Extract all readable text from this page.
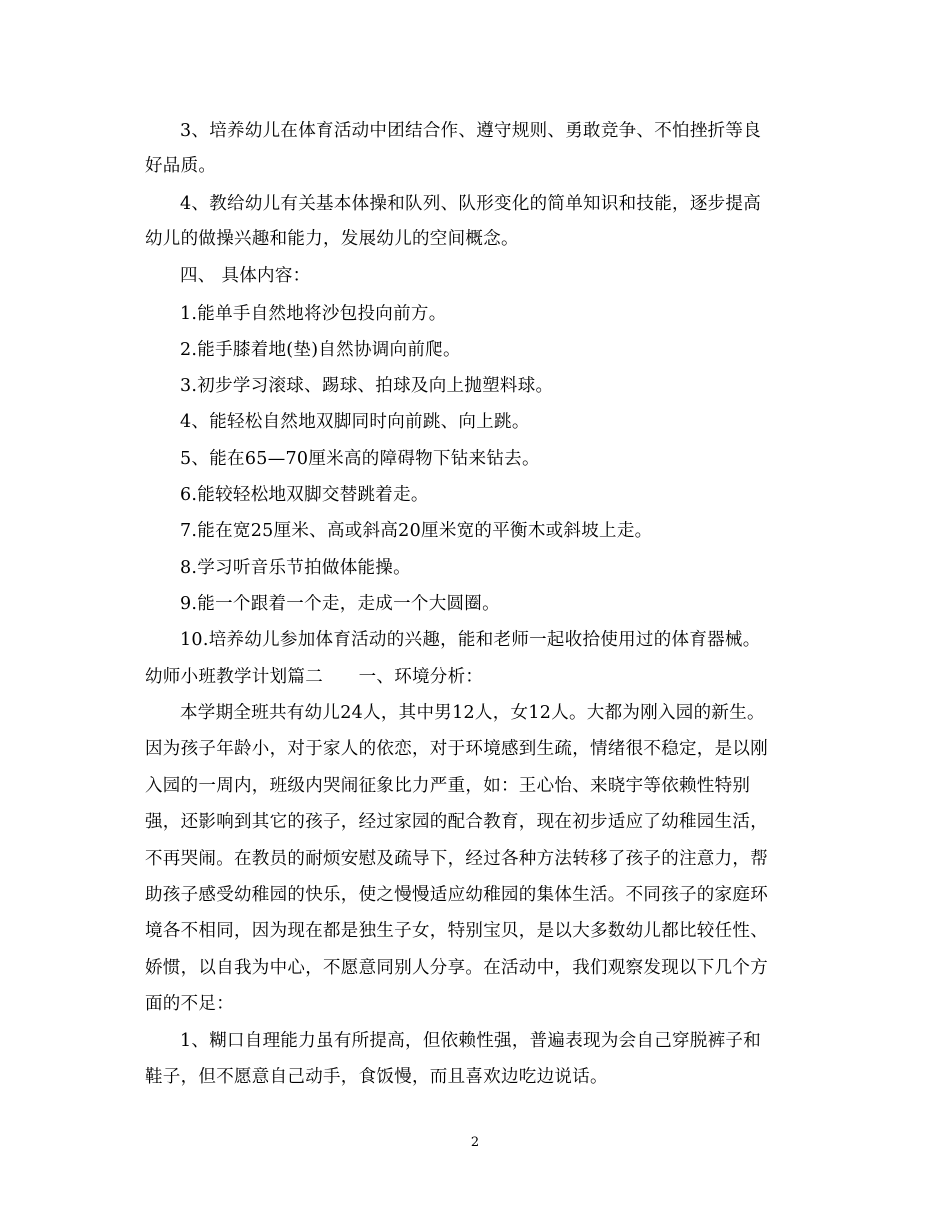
3、培养幼儿在体育活动中团结合作、遵守规则、勇敢竞争、不怕挫折等良
好品质。
4、教给幼儿有关基本体操和队列、队形变化的简单知识和技能，逐步提高
幼儿的做操兴趣和能力，发展幼儿的空间概念。
四、 具体内容：
1.能单手自然地将沙包投向前方。
2.能手膝着地(垫)自然协调向前爬。
3.初步学习滚球、踢球、拍球及向上抛塑料球。
4、能轻松自然地双脚同时向前跳、向上跳。
5、能在65—70厘米高的障碍物下钻来钻去。
6.能较轻松地双脚交替跳着走。
7.能在宽25厘米、高或斜高20厘米宽的平衡木或斜坡上走。
8.学习听音乐节拍做体能操。
9.能一个跟着一个走，走成一个大圆圈。
10.培养幼儿参加体育活动的兴趣，能和老师一起收拾使用过的体育器械。
幼师小班教学计划篇二　　一、环境分析：
本学期全班共有幼儿24人，其中男12人，女12人。大都为刚入园的新生。
因为孩子年龄小，对于家人的依恋，对于环境感到生疏，情绪很不稳定，是以刚
入园的一周内，班级内哭闹征象比力严重，如：王心怡、来晓宇等依赖性特别
强，还影响到其它的孩子，经过家园的配合教育，现在初步适应了幼稚园生活，
不再哭闹。在教员的耐烦安慰及疏导下，经过各种方法转移了孩子的注意力，帮
助孩子感受幼稚园的快乐，使之慢慢适应幼稚园的集体生活。不同孩子的家庭环
境各不相同，因为现在都是独生子女，特别宝贝，是以大多数幼儿都比较任性、
娇惯，以自我为中心，不愿意同别人分享。在活动中，我们观察发现以下几个方
面的不足：
1、糊口自理能力虽有所提高，但依赖性强，普遍表现为会自己穿脱裤子和
鞋子，但不愿意自己动手，食饭慢，而且喜欢边吃边说话。
2
